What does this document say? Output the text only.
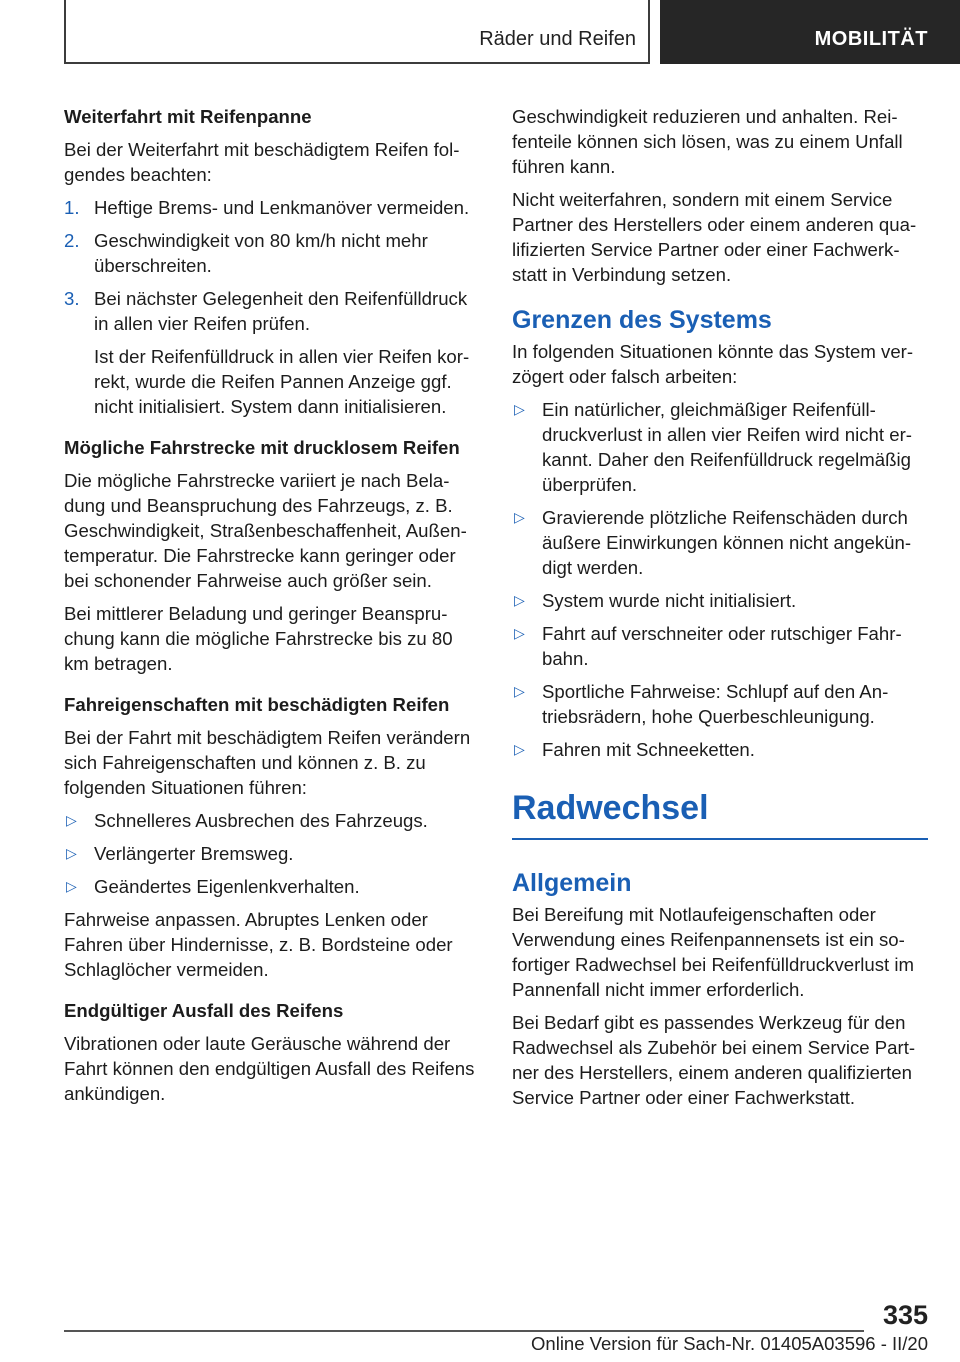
Räder und Reifen	MOBILITÄT

Weiterfahrt mit Reifenpanne

Bei der Weiterfahrt mit beschädigtem Reifen folgendes beachten:

1. Heftige Brems- und Lenkmanöver vermeiden.
2. Geschwindigkeit von 80 km/h nicht mehr überschreiten.
3. Bei nächster Gelegenheit den Reifenfülldruck in allen vier Reifen prüfen.
Ist der Reifenfülldruck in allen vier Reifen korrekt, wurde die Reifen Pannen Anzeige ggf. nicht initialisiert. System dann initialisieren.

Mögliche Fahrstrecke mit drucklosem Reifen

Die mögliche Fahrstrecke variiert je nach Beladung und Beanspruchung des Fahrzeugs, z. B. Geschwindigkeit, Straßenbeschaffenheit, Außentemperatur. Die Fahrstrecke kann geringer oder bei schonender Fahrweise auch größer sein.

Bei mittlerer Beladung und geringer Beanspruchung kann die mögliche Fahrstrecke bis zu 80 km betragen.

Fahreigenschaften mit beschädigten Reifen

Bei der Fahrt mit beschädigtem Reifen verändern sich Fahreigenschaften und können z. B. zu folgenden Situationen führen:

▷ Schnelleres Ausbrechen des Fahrzeugs.
▷ Verlängerter Bremsweg.
▷ Geändertes Eigenlenkverhalten.

Fahrweise anpassen. Abruptes Lenken oder Fahren über Hindernisse, z. B. Bordsteine oder Schlaglöcher vermeiden.

Endgültiger Ausfall des Reifens

Vibrationen oder laute Geräusche während der Fahrt können den endgültigen Ausfall des Reifens ankündigen.

Geschwindigkeit reduzieren und anhalten. Reifenteile können sich lösen, was zu einem Unfall führen kann.

Nicht weiterfahren, sondern mit einem Service Partner des Herstellers oder einem anderen qualifizierten Service Partner oder einer Fachwerkstatt in Verbindung setzen.

Grenzen des Systems

In folgenden Situationen könnte das System verzögert oder falsch arbeiten:

▷ Ein natürlicher, gleichmäßiger Reifenfülldruckverlust in allen vier Reifen wird nicht erkannt. Daher den Reifenfülldruck regelmäßig überprüfen.
▷ Gravierende plötzliche Reifenschäden durch äußere Einwirkungen können nicht angekündigt werden.
▷ System wurde nicht initialisiert.
▷ Fahrt auf verschneiter oder rutschiger Fahrbahn.
▷ Sportliche Fahrweise: Schlupf auf den Antriebsrädern, hohe Querbeschleunigung.
▷ Fahren mit Schneeketten.
Radwechsel
Allgemein

Bei Bereifung mit Notlaufeigenschaften oder Verwendung eines Reifenpannensets ist ein sofortiger Radwechsel bei Reifenfülldruckverlust im Pannenfall nicht immer erforderlich.

Bei Bedarf gibt es passendes Werkzeug für den Radwechsel als Zubehör bei einem Service Partner des Herstellers, einem anderen qualifizierten Service Partner oder einer Fachwerkstatt.

335
Online Version für Sach-Nr. 01405A03596 - II/20
